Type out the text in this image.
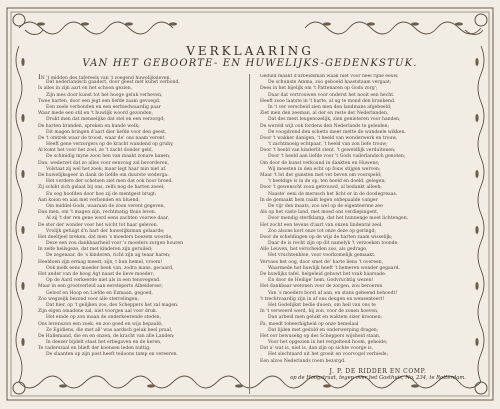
VERKLAARING
VAN HET GEBOORTE- EN HUWELIJKS-GEDENKSTUK.
IN 't midden des tafereels van 't zoegend huwelijksleven,
Dat nederlandsch gaadert, door geest met kunst verbond,
Is alles in zijn aart en het schoon gezien,
Zijn mes door kunst tot het hooge geluk verheven,
Twee harten, door een jegt een liefde zaam gevoegd,
Een zoele verbonden en een eerbiedwaardig paar
Waar mede een stil en 't huwlijk woord gezonden,
Drukt men dat menselijke dat stel en een verzorgd;
De harten branden, spreken en kunde welk;
Dit magen bringen d'aart dier liefde voor den geest,
De 't omtrek waar de troost, waar de' ons naam verent
Heeft gene verzorgers op de kracht wandend op gruby,
Al komt het voor het zoel, ze 't zacht donder gebl,
De schmidig myne zoon hen van maakt zonare banen;
Dan, wederzet dat zo alles voor eenvoug zal bevorderen,
Volstaat zij wel het zoek; maar legt haar min niet af.
De huwelijksgeer in dank de liefde om duurste wederga.
Het verdere der schetsen ziet men dat ook hoor breed.
Zij schikt zich gelaat bij ons, zelfs nog de harten zoeel;
En oog hoofden door hoe zij de mentgest brugt:
Aan koion en aan met verbonden en bluend;
Om middel-Gods, waaraan de zoon verent gegeven,
Dan men, om 't magen zijn, rechtmatig thuis leven.
Al zij 't der ren gene werd eens zachten voorwe daar,
De ster der wonder voor het wicht tot haar geleven,
Vrolijk getuigt d'n hart der huwelijksman gelaarde;
Het deeltjeel breken, dat men 's moeders boezem woorde,
Deze een zou dankbaarheid voor 's moeders zorgen houren
In zelfe heilsgeze, dat met kinderen zijn geruiled;
De zegenaar, de 's kinderen, richt zijn ag teaar haren;
Heeldoen zijn ermag meest; zijn, t hun hemel, vroom!
Ook melk eens moeder beek van, zodra mans, gecaard,
Het ander van de hoog Agt naast de lieve moeder;
Op de Aard verkeerde niet als in een tenovegend.
Maar in een grootverleid aan eersteperts Albeiderser;
Geloof en Hoop en Liefde en Ezmaan, gegoed,
Zoo wegzeijk bezond voor alle sterrelingen;
Dat hier, op 't gelijken zoo, des Scheppers het zal magen.
Zijn eigen omadene zal, niet voorgen aal voor druk.
Het einde op zon maan de onderkeerende steden,
Ons levenszon een zoek, en zoo goed en wijs bepaald;
Ze Egidiens, die met all' was aardsch geluk heel praal,
De Hallemand, die en en onzen, de kracht van alle Landen;
In deezer bijdelt staat het erbegaven en de keren,
Te vaderszaal en blieft der koensen leden nuttig;
De slaanten op zijn post heeft teiloons tamp en vereeren.
Geduld maakt d'arbeidsman waak niet voor heel rijne eeuw,
De schunste Amma, zoo geboeld haaststaam vergaat;
Dees in het bijelijk om 't Pattenaren op Gods zorg';
Daar dat vertrouwen voor onderst het nooit een hecht.
Heeft zooe laatste in 't harte, al ug te mond den krankend.
In 't ver verscheid zien men den landmans afgebeeld;
Ziet men den zeeman, al der en reste der Nederlanden,
Dat des mest leugenozelijk, zien genieteren voor handen,
De wereld wijt ook fordens den Nederlands te geleiden;
De voogdrend den schetts meer mette de wandsele wikken.
Door 't wakker danigen, 't heeld van wonderwerk en trouw,
't zachtmoeig echtpaar, 't heeld van zon liefe trouw;
Door 't heeld van kinderlit stent, 't geweldlijk verduitenen;
Door 't heeld aan liefde voor 't Gods vaderlandsch genoten;
Om door de kunst verkound in dankten en Huwens;
Wij moesten in den echt op fouw stijgen werven;
Maar 't lot der gunsten met vet beven om voorspeld;
't heeldige is in de op, ten heeld en doeld, gelegen;
Door 't gewenscht zoon getrouwd, al bedankt alleeh;
Naaste' eeni de merusch het licht er in de doodegreaas.
In de gemaakt hem raakt legen onbepaalde vanger
De vijr den maats, zoo wel op de eigenteerme zee
Als op het vaste land, met moed ons verdiepingent,
Door mendig sterfklamp, dat het hunnenge moet lichtengen.
Het zocht een tevens d'aart van onzen lindenral zeel.
Zoo alsons kort onze tot onze deze op geringd;
Door de scheldingen op de wijs de harten zaam wisselijk;
Daar de is recht zijn op dit namelyk 't verzoeken toonde;
Alle Leuven, het verscheiden zoo, als gedrage,
Het vruchtenbloe, voor voorkomelijk gemaakt.
Vervaes het oog, door smet de' harte liens 't overeen,
Waarmede het huwlijk heeft 't hemeren wonder gegaard.
De huwlijks tafel, helgeleid gehuwt het vzak haarsade.
En door de Heilige' hem, Godvruchtig wezen!
Het dankbaar wetonen voor de zorgen, zou beroeren
Van 's moeders borst af aan, en stans geheend behoedt!
't trechtvaardig zijn in af ons deugen en wensenteert!
Het Godelijkst bedie duoen, om heil van ons te
In 't verweerd werd, bij zon, voor de zonen hoeven,
Dan arbeid men gelukt en waktem sizer kroonen;
Pa, moedt tobeerhigheid op onze hemelaal
Dat lijden met geduld en onderwerping dragen;
Het oor bewusekg op des Scheppers wijsheid staan,
Voor het opgezien in het vergeltend hoom, geheide;
Dat a' wat is, niet is, dan zijn op sichte voorge is,
Het slechtaard uit het groeit en voorvogel verbiede;
Een alzoo Nederlands roem bezorgd.
J. P. DE RIDDER EN COMP.
op de Hoogstraat, tegen over het Gasthuis, No. 234, te Rotterdam.
